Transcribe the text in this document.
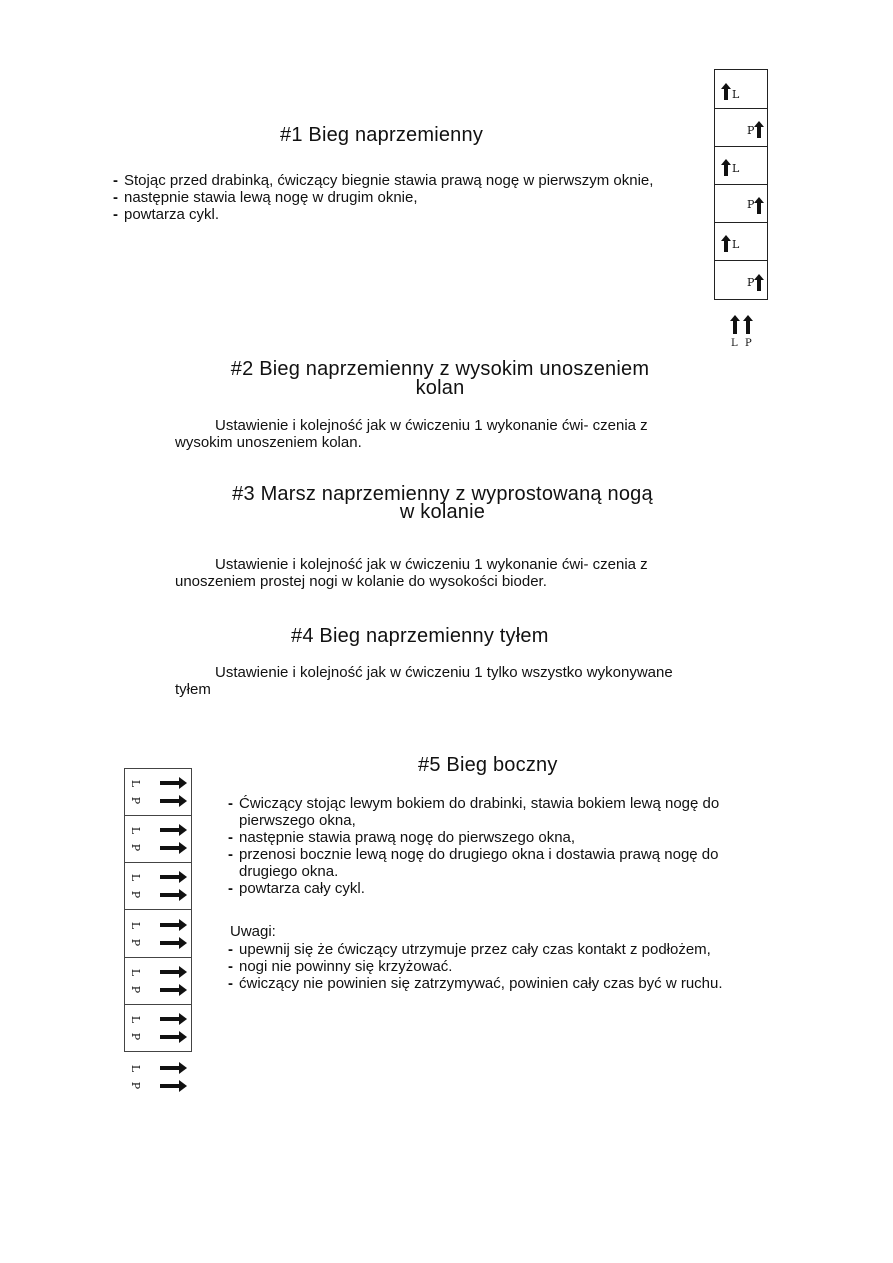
#1 Bieg naprzemienny
- Stojąc przed drabinką, ćwiczący biegnie stawia prawą nogę w pierwszym oknie,
- następnie stawia lewą nogę w drugim oknie,
- powtarza cykl.
L
P
L
P
L
P
L P
#2 Bieg naprzemienny z wysokim unoszeniem
kolan
Ustawienie i kolejność jak w ćwiczeniu 1 wykonanie ćwi- czenia z wysokim unoszeniem kolan.
#3 Marsz naprzemienny z wyprostowaną nogą
w kolanie
Ustawienie i kolejność jak w ćwiczeniu 1 wykonanie ćwi- czenia z unoszeniem prostej nogi w kolanie do wysokości bioder.
#4 Bieg naprzemienny tyłem
Ustawienie i kolejność jak w ćwiczeniu 1 tylko wszystko wykonywane tyłem
#5 Bieg boczny
- Ćwiczący stojąc lewym bokiem do drabinki, stawia bokiem lewą nogę do pierwszego okna,
- następnie stawia prawą nogę do pierwszego okna,
- przenosi bocznie lewą nogę do drugiego okna i dostawia prawą nogę do drugiego okna.
- powtarza cały cykl.
Uwagi:
- upewnij się że ćwiczący utrzymuje przez cały czas kontakt z podłożem,
- nogi nie powinny się krzyżować.
- ćwiczący nie powinien się zatrzymywać, powinien cały czas być w ruchu.
L
P
L
P
L
P
L
P
L
P
L
P
L
P
